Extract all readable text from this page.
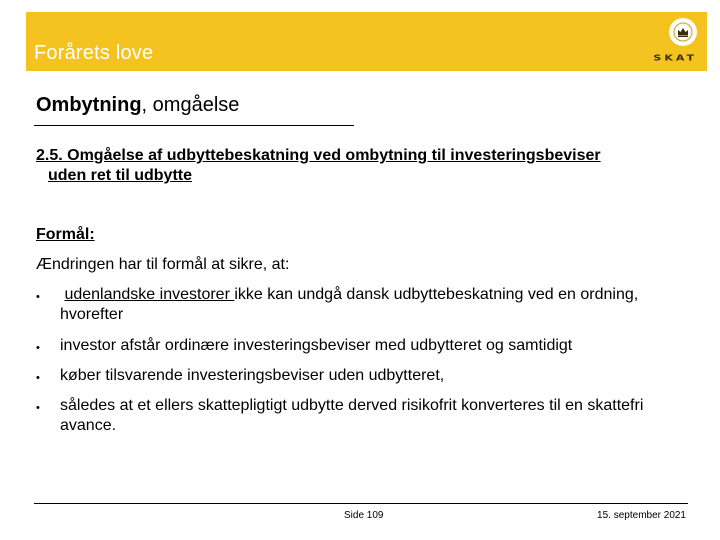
Forårets love	SKAT
Ombytning, omgåelse
2.5. Omgåelse af udbyttebeskatning ved ombytning til investeringsbeviser
uden ret til udbytte
Formål:
Ændringen har til formål at sikre, at:
•	udenlandske investorer ikke kan undgå dansk udbyttebeskatning ved en ordning, hvorefter
•	investor afstår ordinære investeringsbeviser med udbytteret og samtidigt
•	køber tilsvarende investeringsbeviser uden udbytteret,
•	således at et ellers skattepligtigt udbytte derved risikofrit konverteres til en skattefri avance.
Side 109	15. september 2021
